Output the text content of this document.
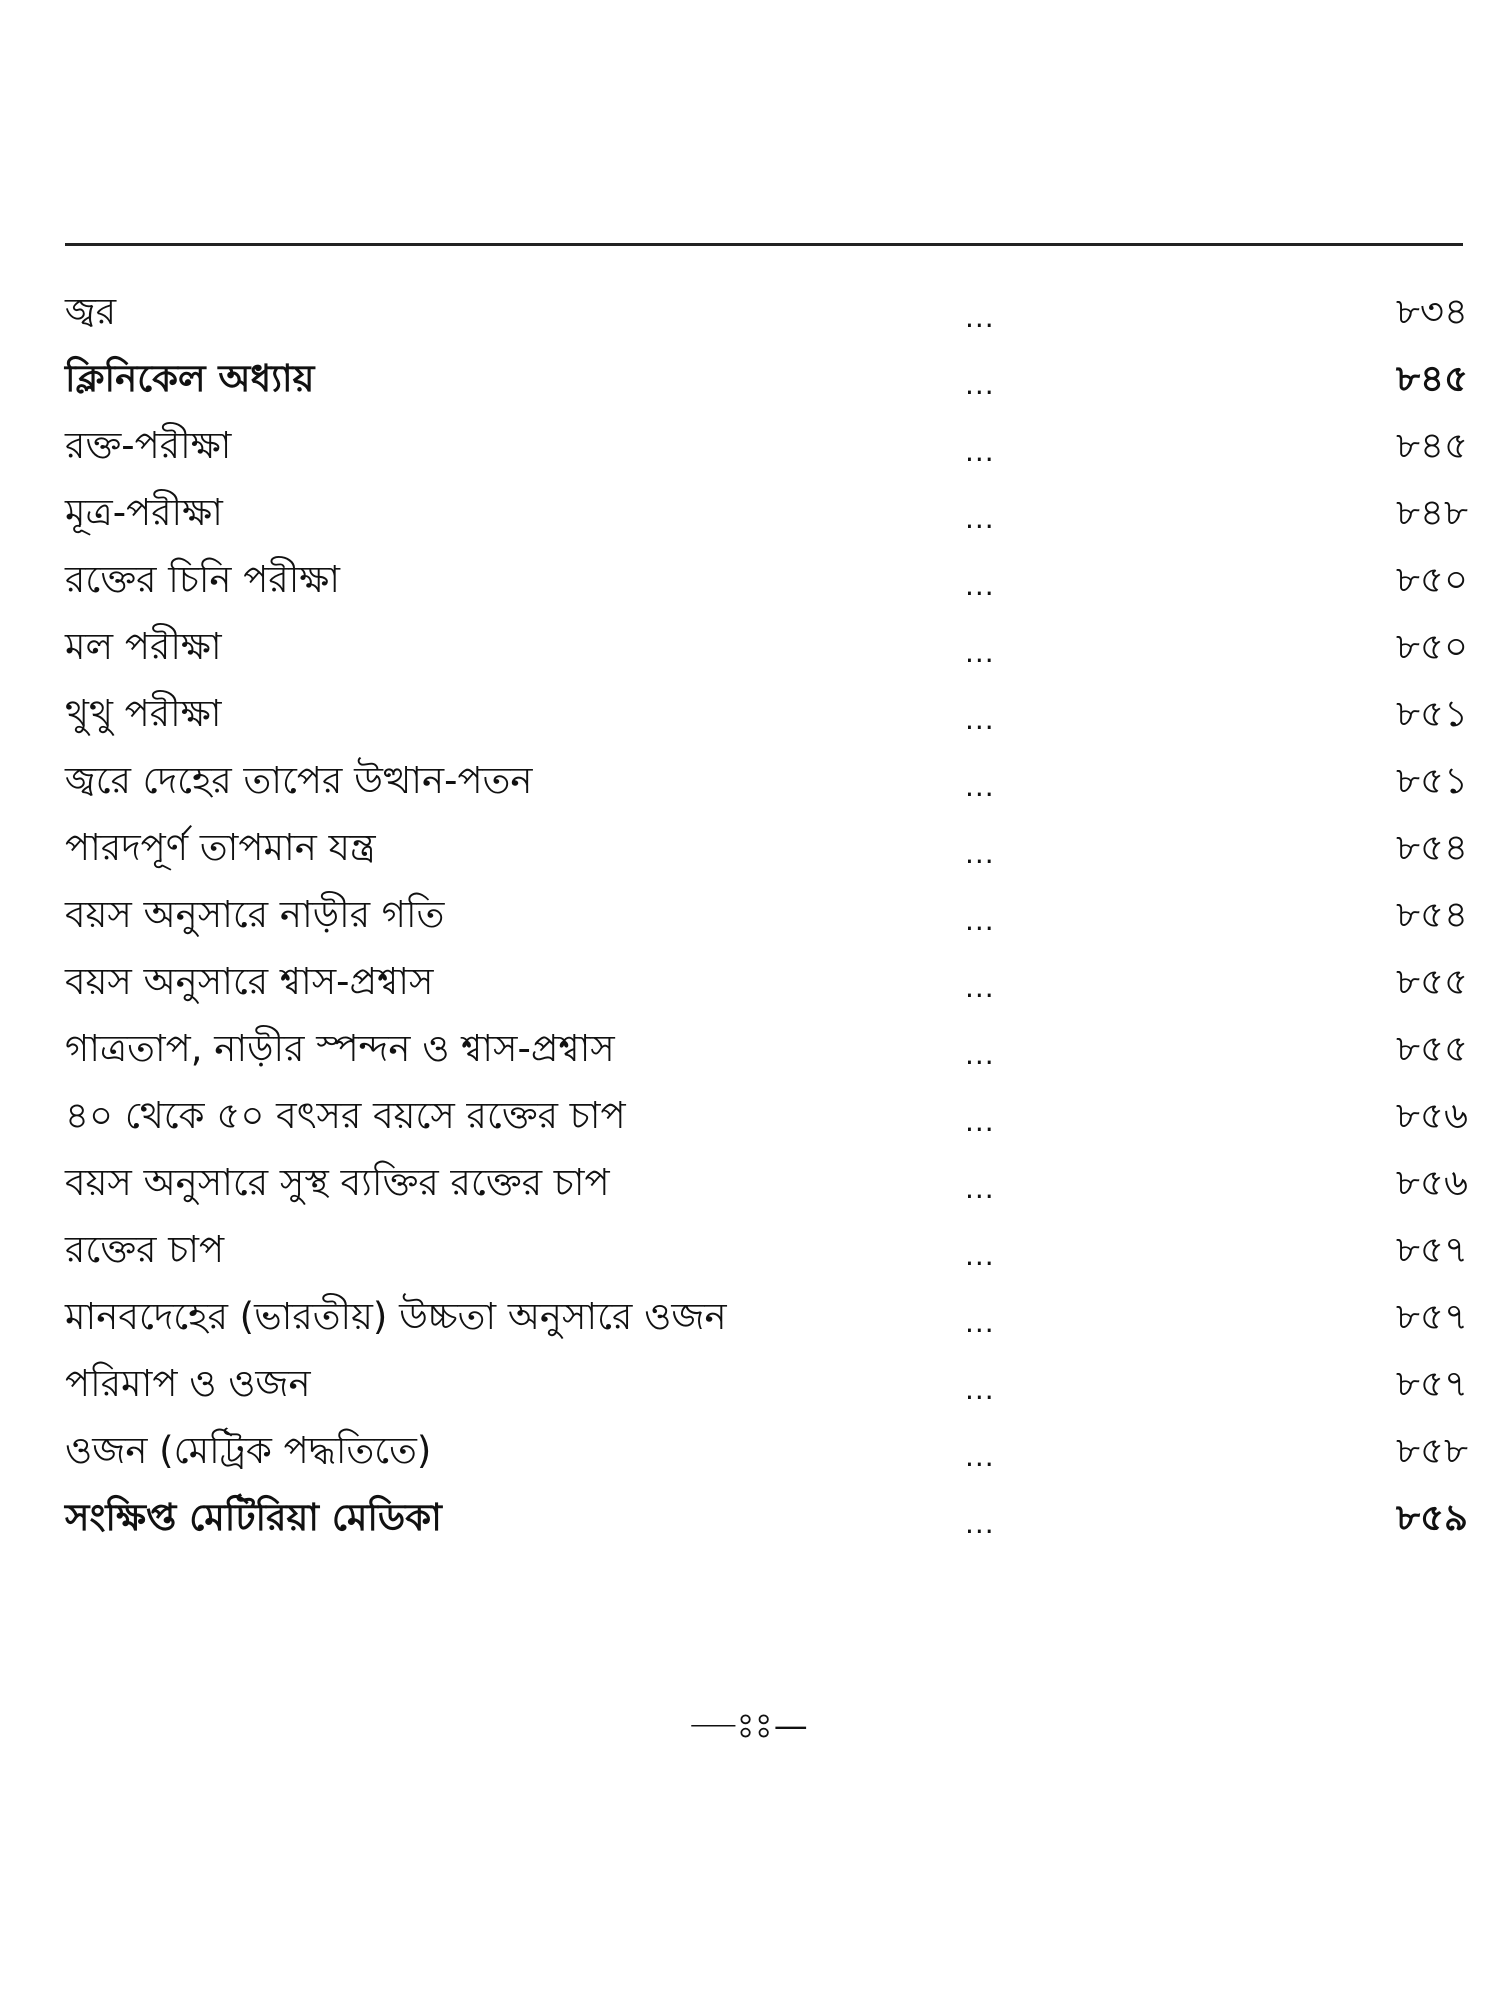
জ্বর	...	৮৩৪
ক্লিনিকেল অধ্যায়	...	৮৪৫
রক্ত-পরীক্ষা	...	৮৪৫
মূত্র-পরীক্ষা	...	৮৪৮
রক্তের চিনি পরীক্ষা	...	৮৫০
মল পরীক্ষা	...	৮৫০
থুথু পরীক্ষা	...	৮৫১
জ্বরে দেহের তাপের উত্থান-পতন	...	৮৫১
পারদপূর্ণ তাপমান যন্ত্র	...	৮৫৪
বয়স অনুসারে নাড়ীর গতি	...	৮৫৪
বয়স অনুসারে শ্বাস-প্রশ্বাস	...	৮৫৫
গাত্রতাপ, নাড়ীর স্পন্দন ও শ্বাস-প্রশ্বাস	...	৮৫৫
৪০ থেকে ৫০ বৎসর বয়সে রক্তের চাপ	...	৮৫৬
বয়স অনুসারে সুস্থ ব্যক্তির রক্তের চাপ	...	৮৫৬
রক্তের চাপ	...	৮৫৭
মানবদেহের (ভারতীয়) উচ্চতা অনুসারে ওজন	...	৮৫৭
পরিমাপ ও ওজন	...	৮৫৭
ওজন (মেট্রিক পদ্ধতিতে)	...	৮৫৮
সংক্ষিপ্ত মেটিরিয়া মেডিকা	...	৮৫৯
—ঃঃ—
